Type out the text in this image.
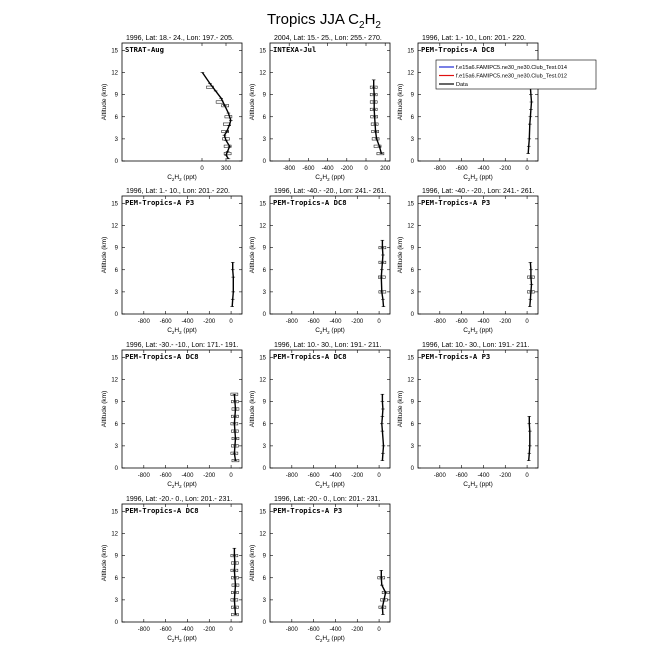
Tropics JJA $C_2H_2$
1996, Lat: 18.- 24., Lon: 197.- 205.
0
3
6
9
12
15
0	300
$C_2H_2$ (ppt)
Altitude (km)
STRAT-Aug
2004, Lat: 15.- 25., Lon: 255.- 270.
0
3
6
9
12
15
-800 -600 -400 -200 0 200
$C_2H_2$ (ppt)
Altitude (km)
INTEXA-Jul
1996, Lat: 1.- 10., Lon: 201.- 220.
0
3
6
9
12
15
-800 -600 -400 -200 0
$C_2H_2$ (ppt)
Altitude (km)
PEM-Tropics-A DC8
f.e15a6.FAMIPC5.ne30_ne30.Club_Test.014
f.e15a6.FAMIPC5.ne30_ne30.Club_Test.012
Data
1996, Lat: 1.- 10., Lon: 201.- 220.
0
3
6
9
12
15
-800 -600 -400 -200 0
$C_2H_2$ (ppt)
Altitude (km)
PEM-Tropics-A P3
1996, Lat: -40.- -20., Lon: 241.- 261.
0
3
6
9
12
15
-800 -600 -400 -200 0
$C_2H_2$ (ppt)
Altitude (km)
PEM-Tropics-A DC8
1996, Lat: -40.- -20., Lon: 241.- 261.
0
3
6
9
12
15
-800 -600 -400 -200 0
$C_2H_2$ (ppt)
Altitude (km)
PEM-Tropics-A P3
1996, Lat: -30.- -10., Lon: 171.- 191.
0
3
6
9
12
15
-800 -600 -400 -200 0
$C_2H_2$ (ppt)
Altitude (km)
PEM-Tropics-A DC8
1996, Lat: 10.- 30., Lon: 191.- 211.
0
3
6
9
12
15
-800 -600 -400 -200 0
$C_2H_2$ (ppt)
Altitude (km)
PEM-Tropics-A DC8
1996, Lat: 10.- 30., Lon: 191.- 211.
0
3
6
9
12
15
-800 -600 -400 -200 0
$C_2H_2$ (ppt)
Altitude (km)
PEM-Tropics-A P3
1996, Lat: -20.- 0., Lon: 201.- 231.
0
3
6
9
12
15
-800 -600 -400 -200 0
$C_2H_2$ (ppt)
Altitude (km)
PEM-Tropics-A DC8
1996, Lat: -20.- 0., Lon: 201.- 231.
0
3
6
9
12
15
-800 -600 -400 -200 0
$C_2H_2$ (ppt)
Altitude (km)
PEM-Tropics-A P3
